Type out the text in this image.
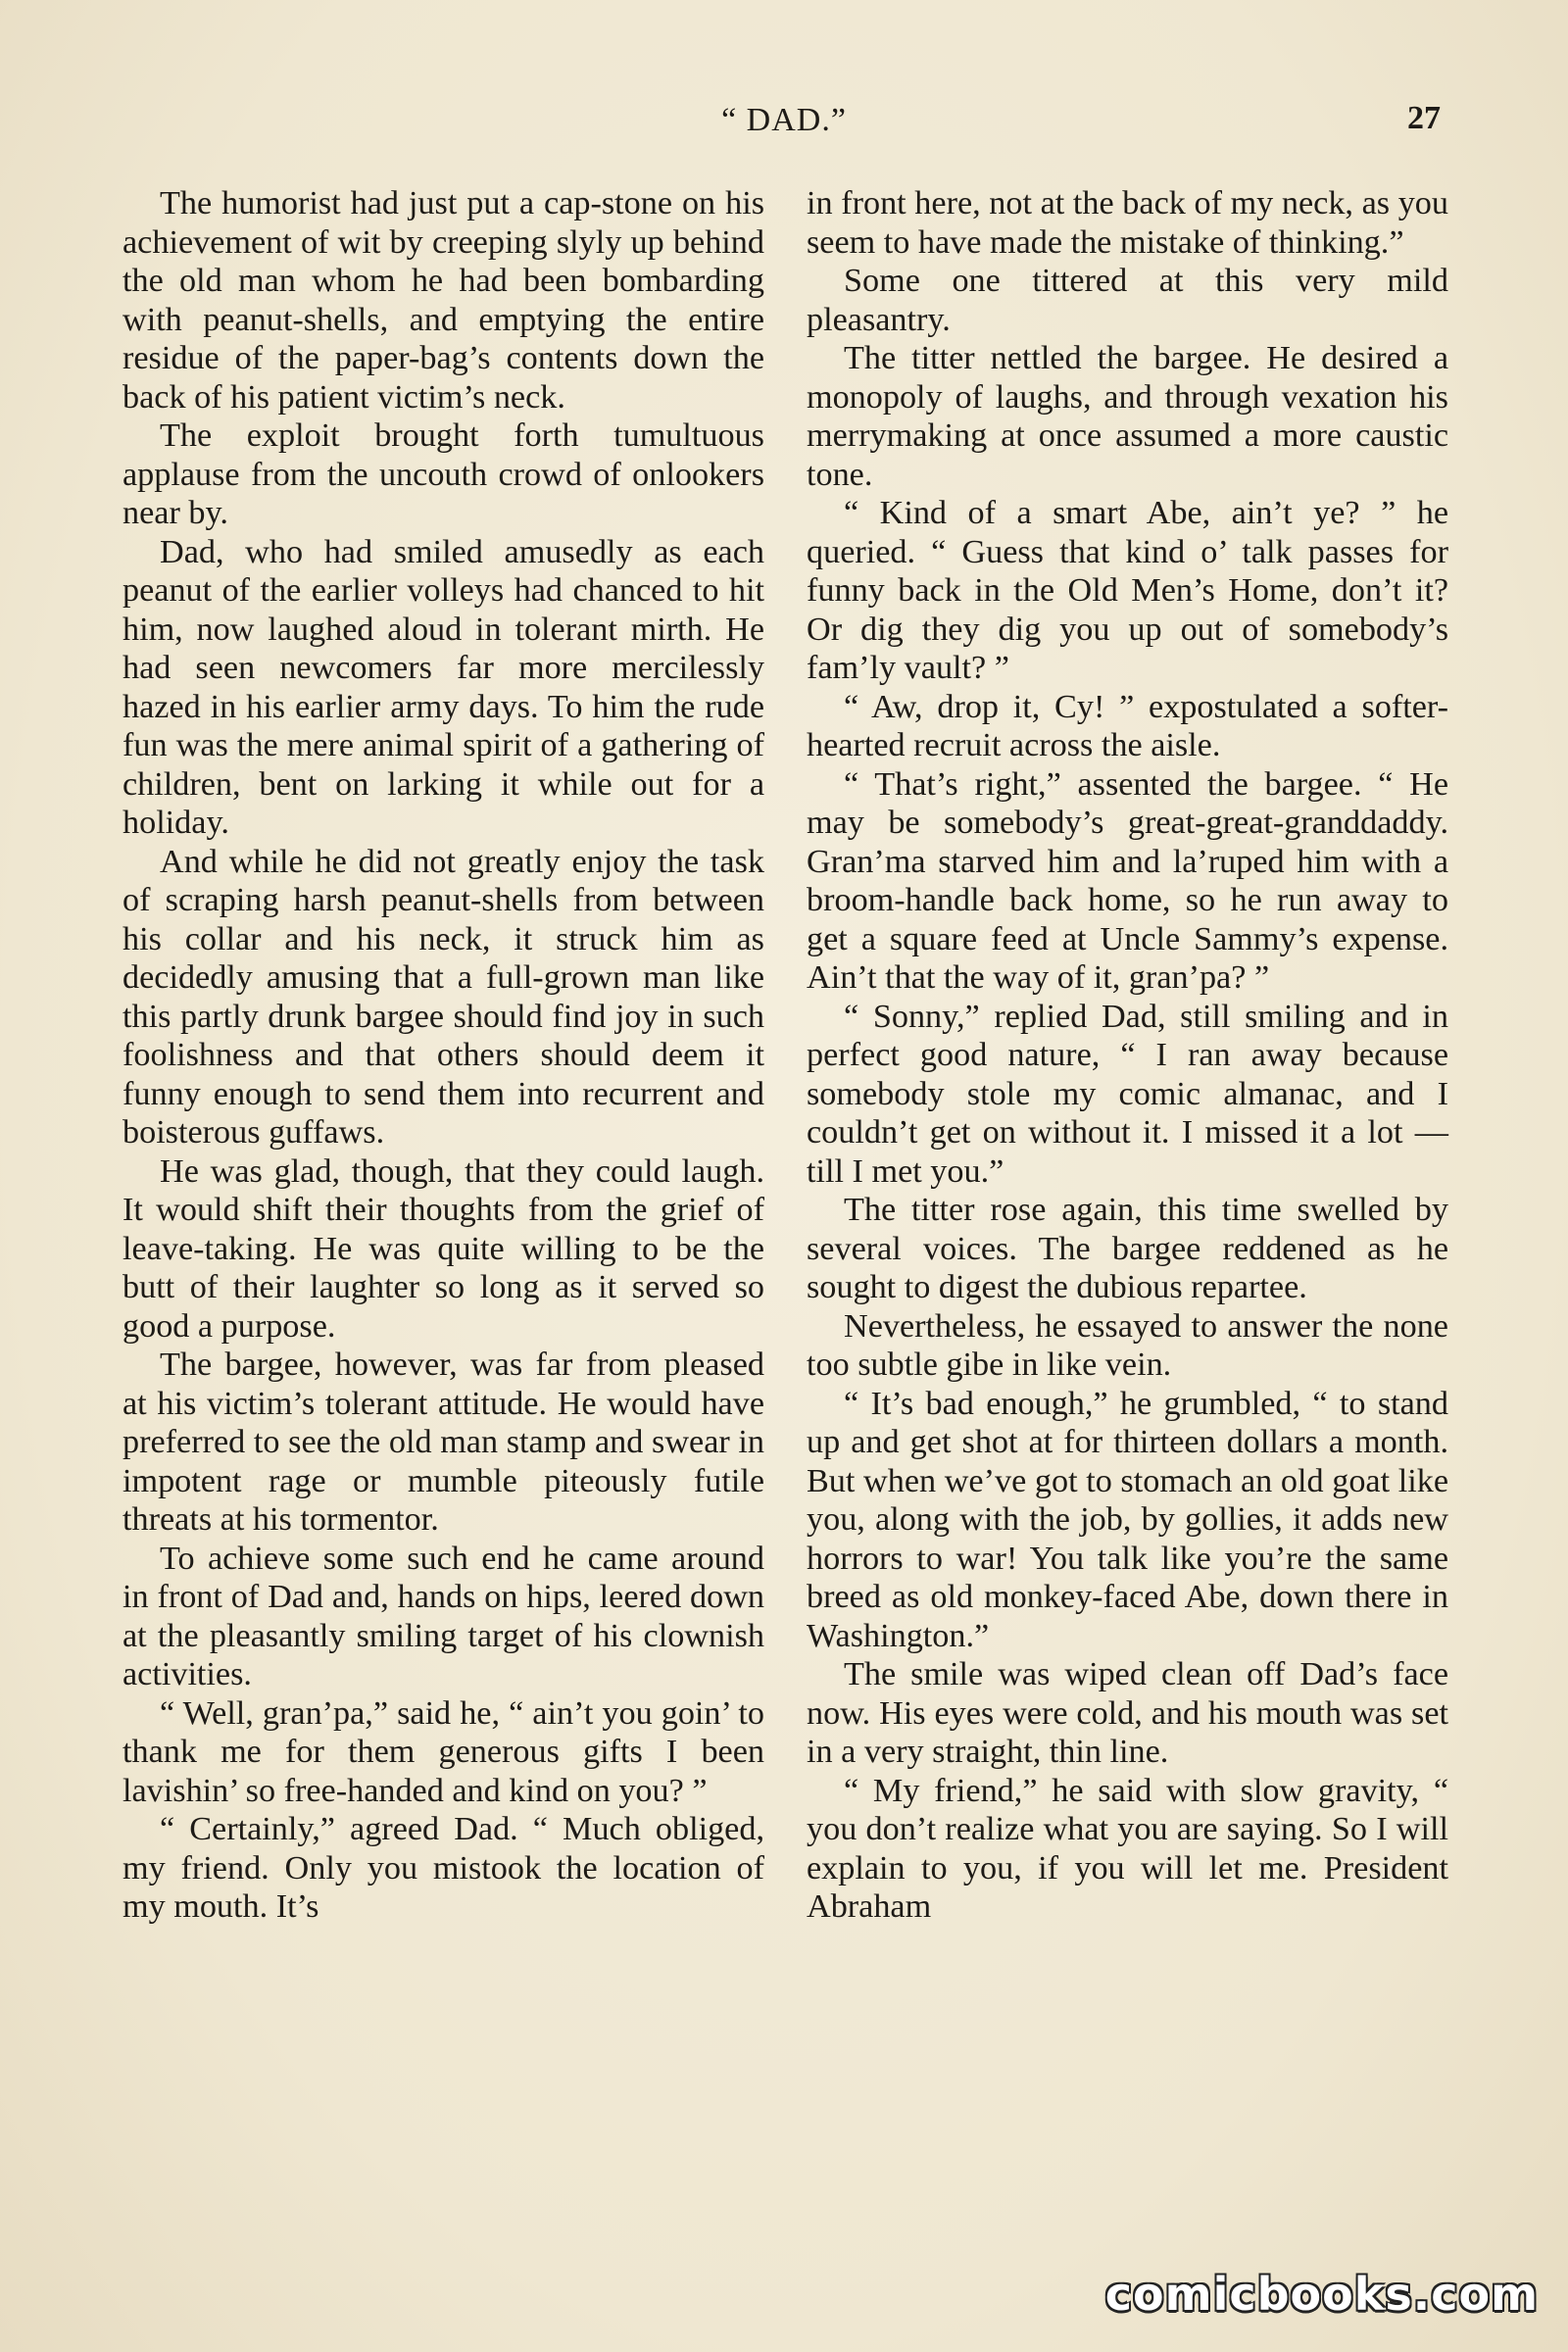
“ DAD.”	27

The humorist had just put a cap-stone on his achievement of wit by creeping slyly up behind the old man whom he had been bombarding with peanut-shells, and emptying the entire residue of the paper-bag’s contents down the back of his patient victim’s neck.

The exploit brought forth tumultuous applause from the uncouth crowd of onlookers near by.

Dad, who had smiled amusedly as each peanut of the earlier volleys had chanced to hit him, now laughed aloud in tolerant mirth. He had seen newcomers far more mercilessly hazed in his earlier army days. To him the rude fun was the mere animal spirit of a gathering of children, bent on larking it while out for a holiday.

And while he did not greatly enjoy the task of scraping harsh peanut-shells from between his collar and his neck, it struck him as decidedly amusing that a full-grown man like this partly drunk bargee should find joy in such foolishness and that others should deem it funny enough to send them into recurrent and boisterous guffaws.

He was glad, though, that they could laugh. It would shift their thoughts from the grief of leave-taking. He was quite willing to be the butt of their laughter so long as it served so good a purpose.

The bargee, however, was far from pleased at his victim’s tolerant attitude. He would have preferred to see the old man stamp and swear in impotent rage or mumble piteously futile threats at his tormentor.

To achieve some such end he came around in front of Dad and, hands on hips, leered down at the pleasantly smiling target of his clownish activities.

“ Well, gran’pa,” said he, “ ain’t you goin’ to thank me for them generous gifts I been lavishin’ so free-handed and kind on you? ”

“ Certainly,” agreed Dad. “ Much obliged, my friend. Only you mistook the location of my mouth. It’s

in front here, not at the back of my neck, as you seem to have made the mistake of thinking.”

Some one tittered at this very mild pleasantry.

The titter nettled the bargee. He desired a monopoly of laughs, and through vexation his merrymaking at once assumed a more caustic tone.

“ Kind of a smart Abe, ain’t ye? ” he queried. “ Guess that kind o’ talk passes for funny back in the Old Men’s Home, don’t it? Or dig they dig you up out of somebody’s fam’ly vault? ”

“ Aw, drop it, Cy! ” expostulated a softer-hearted recruit across the aisle.

“ That’s right,” assented the bargee. “ He may be somebody’s great-great-granddaddy. Gran’ma starved him and la’ruped him with a broom-handle back home, so he run away to get a square feed at Uncle Sammy’s expense. Ain’t that the way of it, gran’pa? ”

“ Sonny,” replied Dad, still smiling and in perfect good nature, “ I ran away because somebody stole my comic almanac, and I couldn’t get on without it. I missed it a lot — till I met you.”

The titter rose again, this time swelled by several voices. The bargee reddened as he sought to digest the dubious repartee.

Nevertheless, he essayed to answer the none too subtle gibe in like vein.

“ It’s bad enough,” he grumbled, “ to stand up and get shot at for thirteen dollars a month. But when we’ve got to stomach an old goat like you, along with the job, by gollies, it adds new horrors to war! You talk like you’re the same breed as old monkey-faced Abe, down there in Washington.”

The smile was wiped clean off Dad’s face now. His eyes were cold, and his mouth was set in a very straight, thin line.

“ My friend,” he said with slow gravity, “ you don’t realize what you are saying. So I will explain to you, if you will let me. President Abraham

comicbooks.com
